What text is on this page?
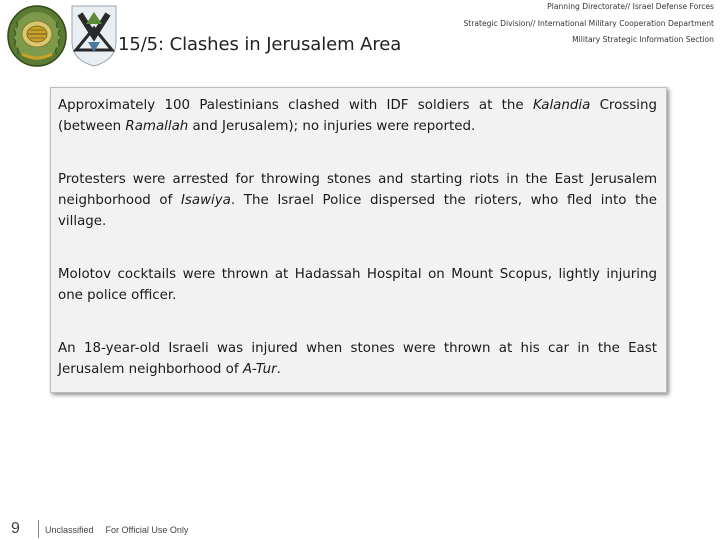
15/5: Clashes in Jerusalem Area
Planning Directorate// Israel Defense Forces
Strategic Division// International Military Cooperation Department
Military Strategic Information Section

Approximately 100 Palestinians clashed with IDF soldiers at the Kalandia Crossing (between Ramallah and Jerusalem); no injuries were reported.

Protesters were arrested for throwing stones and starting riots in the East Jerusalem neighborhood of Isawiya. The Israel Police dispersed the rioters, who fled into the village.

Molotov cocktails were thrown at Hadassah Hospital on Mount Scopus, lightly injuring one police officer.

An 18-year-old Israeli was injured when stones were thrown at his car in the East Jerusalem neighborhood of A-Tur.

9	Unclassified For Official Use Only
